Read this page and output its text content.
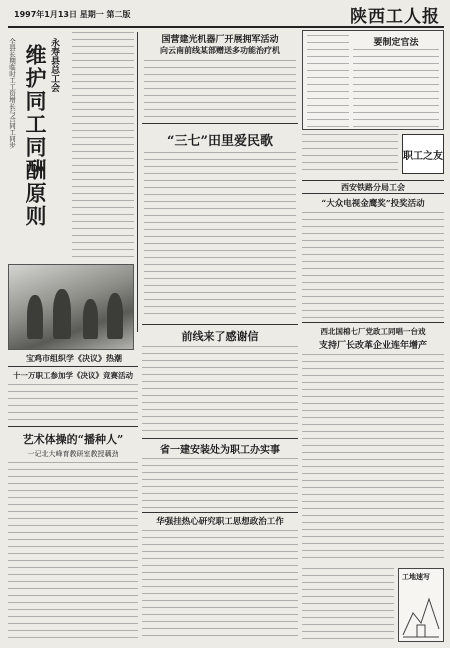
1997年1月13日 星期一 第二版	陕西工人报
永寿县总工会
维护同工同酬原则
全县长期临时工工资增长与合同工同步	国营建光机器厂开展拥军活动
向云南前线某部赠送多功能治疗机
“三七”田里爱民歌
要制定官法
职工之友
西安铁路分局工会
“大众电视金鹰奖”投奖活动
西北国棉七厂党政工同唱一台戏
支持厂长改革企业连年增产
前线来了感谢信
省一建安装处为职工办实事
华强挂热心研究职工思想政治工作
宝鸡市组织学《决议》热潮
十一万职工参加学《决议》竞赛活动
艺术体操的“播种人”
一记北大峰育教研室教授藕劲
工地速写
